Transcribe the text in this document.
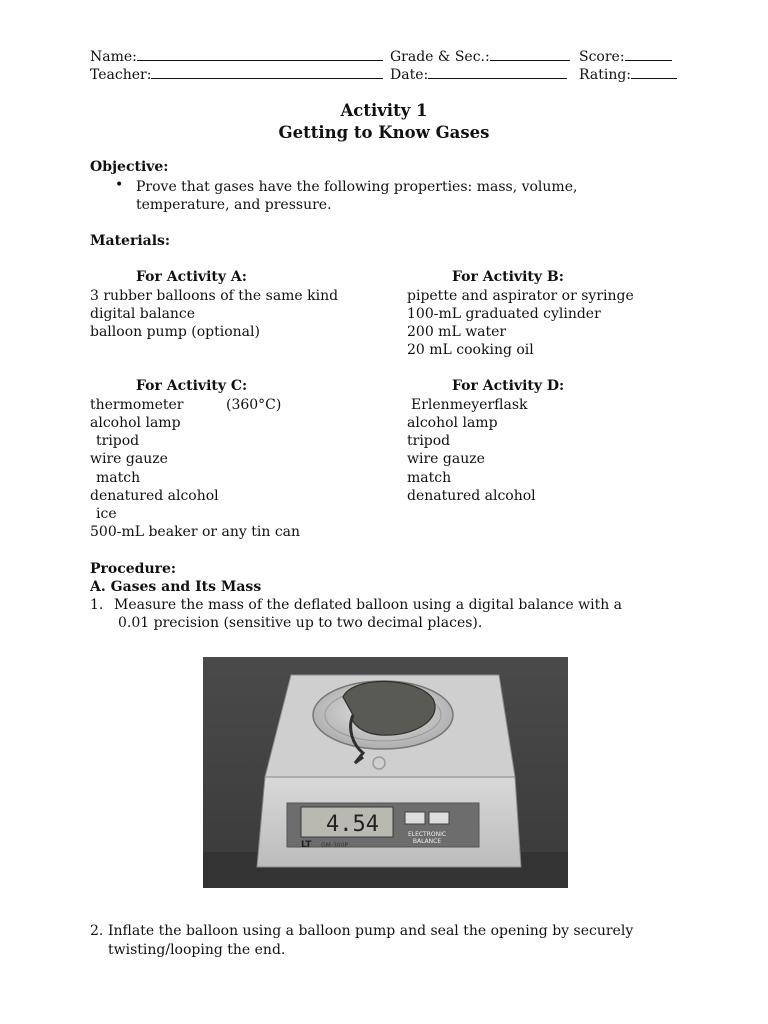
Name:	Grade & Sec.:	Score:
Teacher:	Date:	Rating:
Activity 1
Getting to Know Gases
Objective:
• Prove that gases have the following properties: mass, volume,
temperature, and pressure.
Materials:
For Activity A:
3 rubber balloons of the same kind
digital balance
balloon pump (optional)
For Activity B:
pipette and aspirator or syringe
100-mL graduated cylinder
200 mL water
20 mL cooking oil
For Activity C:
thermometer	(360°C)
alcohol lamp
tripod
wire gauze
match
denatured alcohol
ice
500-mL beaker or any tin can
For Activity D:
Erlenmeyerflask
alcohol lamp
tripod
wire gauze
match
denatured alcohol
Procedure:
A. Gases and Its Mass
1. Measure the mass of the deflated balloon using a digital balance with a
0.01 precision (sensitive up to two decimal places).
4.54	ELECTRONIC
BALANCE
LT GM-300P
2. Inflate the balloon using a balloon pump and seal the opening by securely
twisting/looping the end.
